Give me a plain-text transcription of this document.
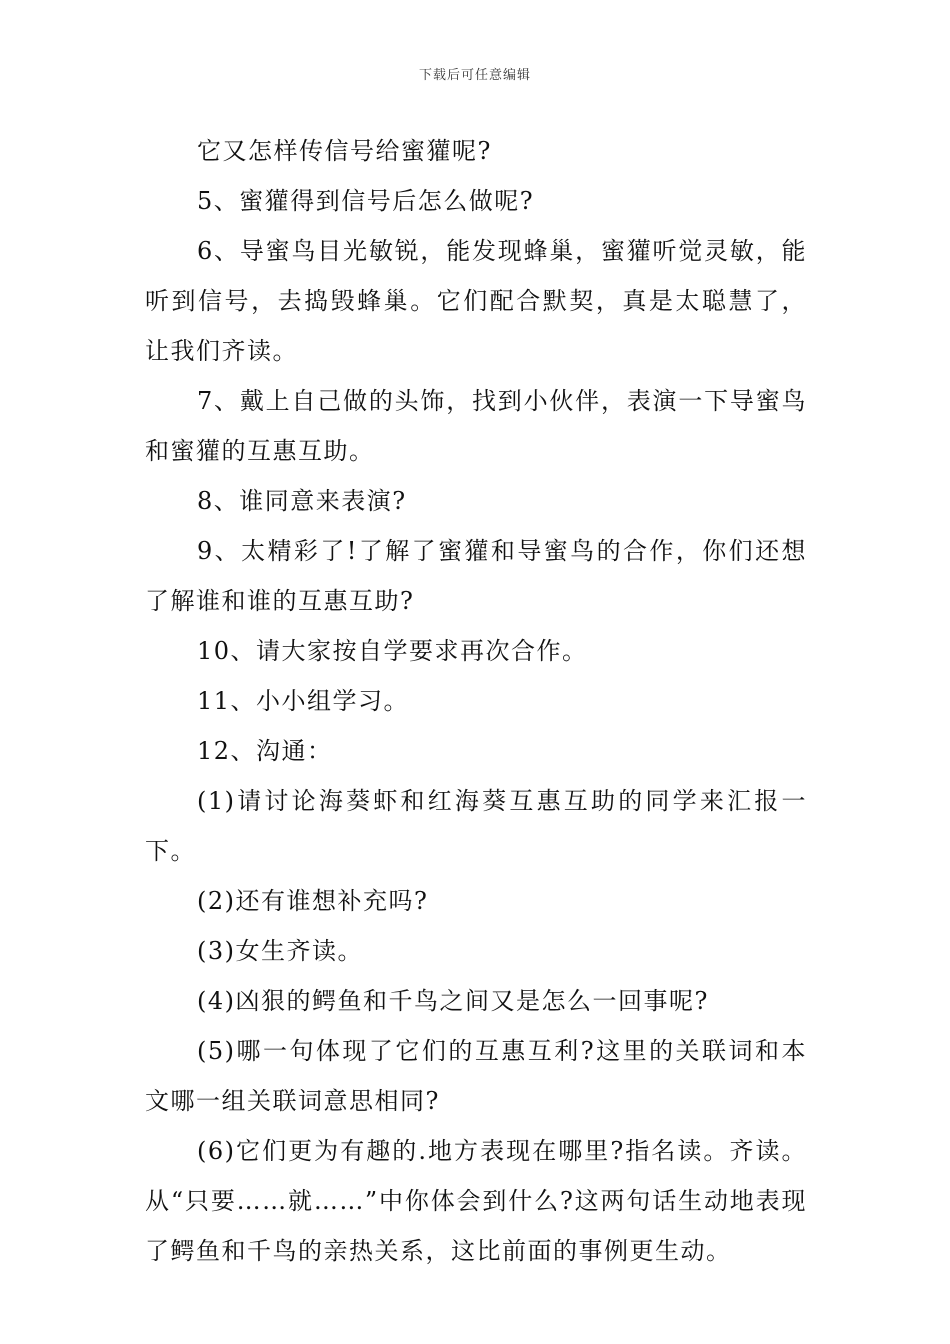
下载后可任意编辑

它又怎样传信号给蜜獾呢?

5、蜜獾得到信号后怎么做呢?

6、导蜜鸟目光敏锐，能发现蜂巢，蜜獾听觉灵敏，能听到信号，去捣毁蜂巢。它们配合默契，真是太聪慧了，让我们齐读。

7、戴上自己做的头饰，找到小伙伴，表演一下导蜜鸟和蜜獾的互惠互助。

8、谁同意来表演?

9、太精彩了!了解了蜜獾和导蜜鸟的合作，你们还想了解谁和谁的互惠互助?

10、请大家按自学要求再次合作。

11、小小组学习。

12、沟通：

(1)请讨论海葵虾和红海葵互惠互助的同学来汇报一下。

(2)还有谁想补充吗?

(3)女生齐读。

(4)凶狠的鳄鱼和千鸟之间又是怎么一回事呢?

(5)哪一句体现了它们的互惠互利?这里的关联词和本文哪一组关联词意思相同?

(6)它们更为有趣的.地方表现在哪里?指名读。齐读。从“只要……就……”中你体会到什么?这两句话生动地表现了鳄鱼和千鸟的亲热关系，这比前面的事例更生动。
